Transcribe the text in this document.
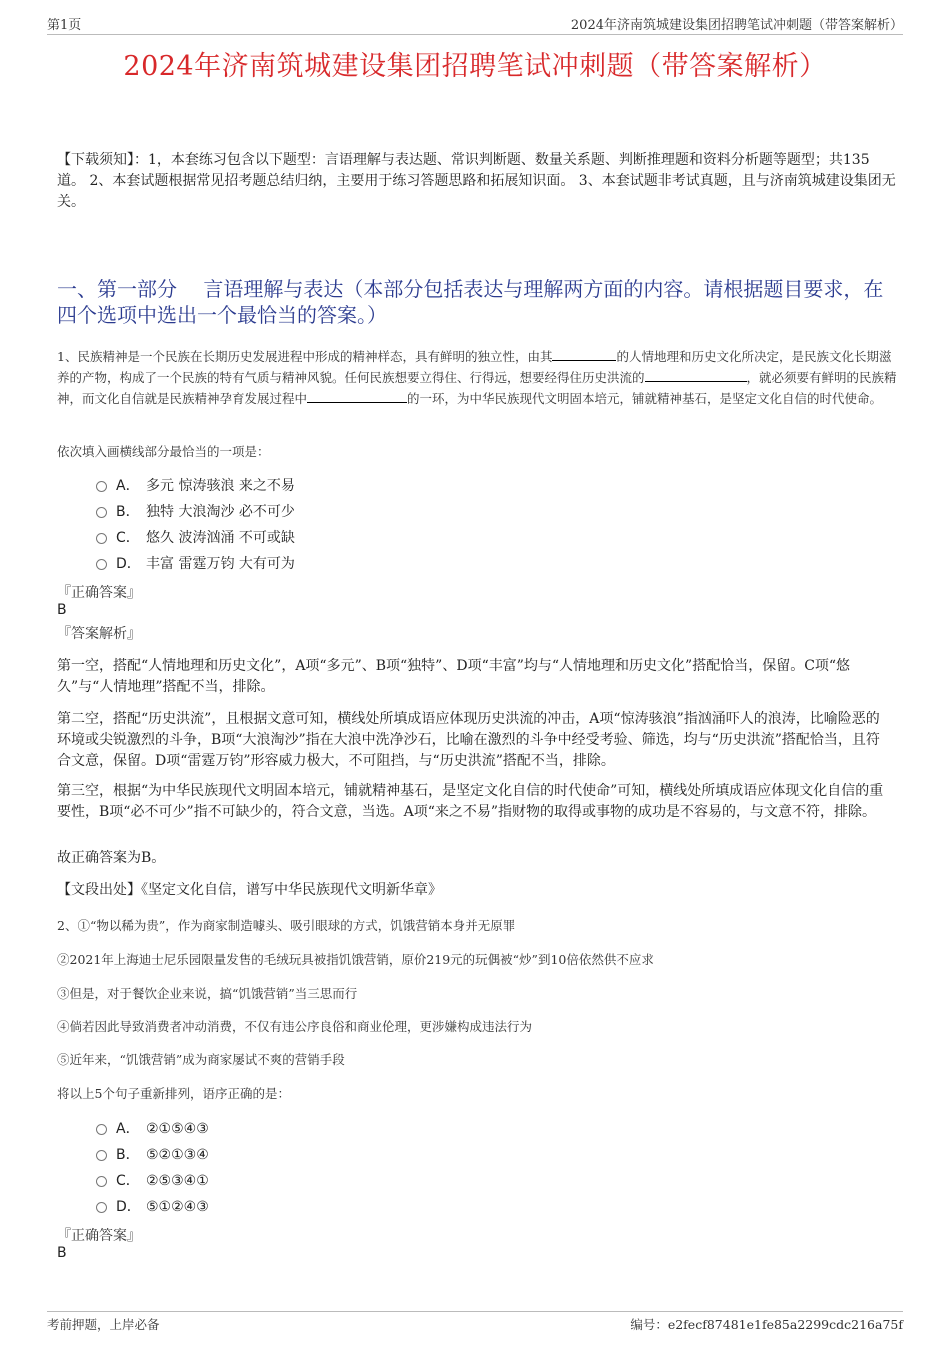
第1页	2024年济南筑城建设集团招聘笔试冲刺题（带答案解析）
2024年济南筑城建设集团招聘笔试冲刺题（带答案解析）
【下载须知】：1，本套练习包含以下题型：言语理解与表达题、常识判断题、数量关系题、判断推理题和资料分析题等题型；共135道。 2、本套试题根据常见招考题总结归纳，主要用于练习答题思路和拓展知识面。 3、本套试题非考试真题，且与济南筑城建设集团无关。
一、第一部分　 言语理解与表达（本部分包括表达与理解两方面的内容。请根据题目要求，在四个选项中选出一个最恰当的答案。）
1、民族精神是一个民族在长期历史发展进程中形成的精神样态，具有鲜明的独立性，由其	的人情地理和历史文化所决定，是民族文化长期滋养的产物，构成了一个民族的特有气质与精神风貌。任何民族想要立得住、行得远，想要经得住历史洪流的	，就必须要有鲜明的民族精神，而文化自信就是民族精神孕育发展过程中	的一环，为中华民族现代文明固本培元，铺就精神基石，是坚定文化自信的时代使命。
依次填入画横线部分最恰当的一项是：
A． 多元 惊涛骇浪 来之不易
B． 独特 大浪淘沙 必不可少
C． 悠久 波涛汹涌 不可或缺
D． 丰富 雷霆万钧 大有可为
『正确答案』
B
『答案解析』
第一空，搭配“人情地理和历史文化”，A项“多元”、B项“独特”、D项“丰富”均与“人情地理和历史文化”搭配恰当，保留。C项“悠久”与“人情地理”搭配不当，排除。
第二空，搭配“历史洪流”，且根据文意可知，横线处所填成语应体现历史洪流的冲击，A项“惊涛骇浪”指汹涌吓人的浪涛，比喻险恶的环境或尖锐激烈的斗争，B项“大浪淘沙”指在大浪中洗净沙石，比喻在激烈的斗争中经受考验、筛选，均与“历史洪流”搭配恰当，且符合文意，保留。D项“雷霆万钧”形容威力极大，不可阻挡，与“历史洪流”搭配不当，排除。
第三空，根据“为中华民族现代文明固本培元，铺就精神基石，是坚定文化自信的时代使命”可知，横线处所填成语应体现文化自信的重要性，B项“必不可少”指不可缺少的，符合文意，当选。A项“来之不易”指财物的取得或事物的成功是不容易的，与文意不符，排除。
故正确答案为B。
【文段出处】《坚定文化自信，谱写中华民族现代文明新华章》
2、①“物以稀为贵”，作为商家制造噱头、吸引眼球的方式，饥饿营销本身并无原罪
②2021年上海迪士尼乐园限量发售的毛绒玩具被指饥饿营销，原价219元的玩偶被“炒”到10倍依然供不应求
③但是，对于餐饮企业来说，搞“饥饿营销”当三思而行
④倘若因此导致消费者冲动消费，不仅有违公序良俗和商业伦理，更涉嫌构成违法行为
⑤近年来，“饥饿营销”成为商家屡试不爽的营销手段
将以上5个句子重新排列，语序正确的是：
A． ②①⑤④③
B． ⑤②①③④
C． ②⑤③④①
D． ⑤①②④③
『正确答案』
B
考前押题，上岸必备	编号：e2fecf87481e1fe85a2299cdc216a75f
